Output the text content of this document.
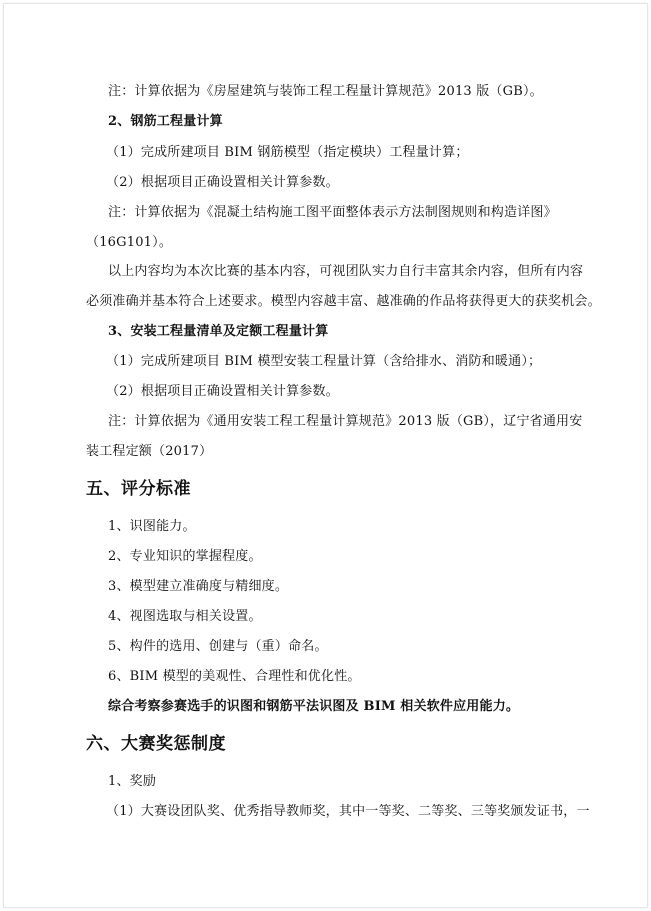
注：计算依据为《房屋建筑与装饰工程工程量计算规范》2013 版（GB）。
2、钢筋工程量计算
（1）完成所建项目 BIM 钢筋模型（指定模块）工程量计算；
（2）根据项目正确设置相关计算参数。
注：计算依据为《混凝土结构施工图平面整体表示方法制图规则和构造详图》
（16G101）。
以上内容均为本次比赛的基本内容，可视团队实力自行丰富其余内容，但所有内容
必须准确并基本符合上述要求。模型内容越丰富、越准确的作品将获得更大的获奖机会。
3、安装工程量清单及定额工程量计算
（1）完成所建项目 BIM 模型安装工程量计算（含给排水、消防和暖通）；
（2）根据项目正确设置相关计算参数。
注：计算依据为《通用安装工程工程量计算规范》2013 版（GB），辽宁省通用安
装工程定额（2017）
五、评分标准
1、识图能力。
2、专业知识的掌握程度。
3、模型建立准确度与精细度。
4、视图选取与相关设置。
5、构件的选用、创建与（重）命名。
6、BIM 模型的美观性、合理性和优化性。
综合考察参赛选手的识图和钢筋平法识图及 BIM 相关软件应用能力。
六、大赛奖惩制度
1、奖励
（1）大赛设团队奖、优秀指导教师奖，其中一等奖、二等奖、三等奖颁发证书，一
